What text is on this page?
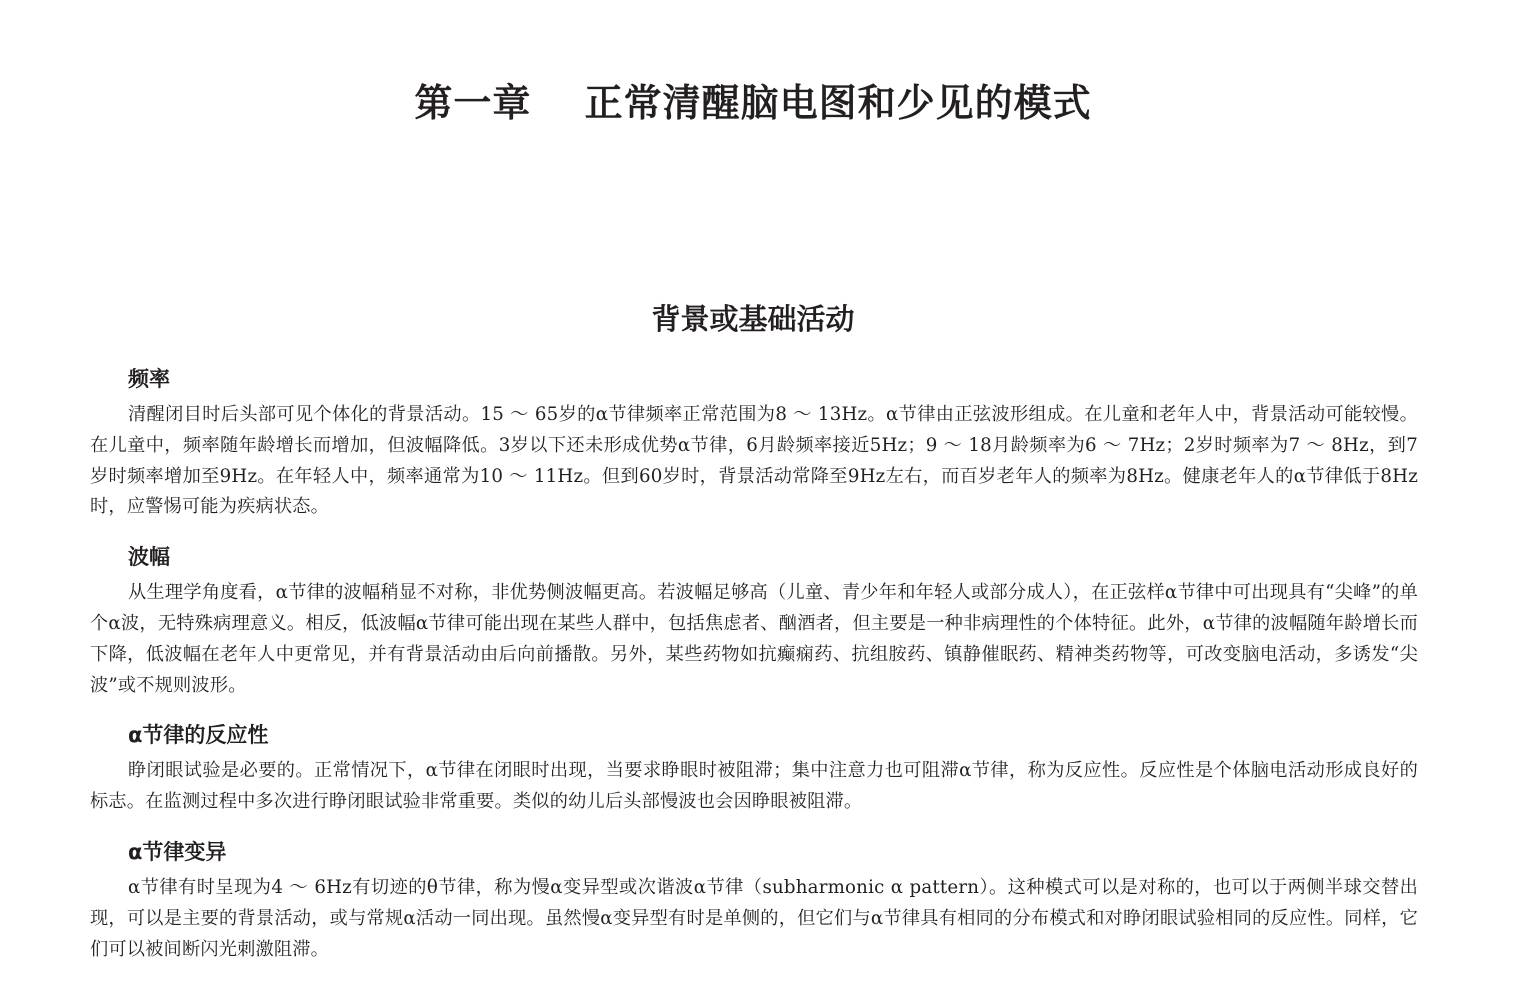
第一章　 正常清醒脑电图和少见的模式
背景或基础活动
频率

清醒闭目时后头部可见个体化的背景活动。15 ～ 65岁的α节律频率正常范围为8 ～ 13Hz。α节律由正弦波形组成。在儿童和老年人中，背景活动可能较慢。在儿童中，频率随年龄增长而增加，但波幅降低。3岁以下还未形成优势α节律，6月龄频率接近5Hz；9 ～ 18月龄频率为6 ～ 7Hz；2岁时频率为7 ～ 8Hz，到7岁时频率增加至9Hz。在年轻人中，频率通常为10 ～ 11Hz。但到60岁时，背景活动常降至9Hz左右，而百岁老年人的频率为8Hz。健康老年人的α节律低于8Hz时，应警惕可能为疾病状态。

波幅

从生理学角度看，α节律的波幅稍显不对称，非优势侧波幅更高。若波幅足够高（儿童、青少年和年轻人或部分成人），在正弦样α节律中可出现具有“尖峰”的单个α波，无特殊病理意义。相反，低波幅α节律可能出现在某些人群中，包括焦虑者、酗酒者，但主要是一种非病理性的个体特征。此外，α节律的波幅随年龄增长而下降，低波幅在老年人中更常见，并有背景活动由后向前播散。另外，某些药物如抗癫痫药、抗组胺药、镇静催眠药、精神类药物等，可改变脑电活动，多诱发“尖波”或不规则波形。

α节律的反应性

睁闭眼试验是必要的。正常情况下，α节律在闭眼时出现，当要求睁眼时被阻滞；集中注意力也可阻滞α节律，称为反应性。反应性是个体脑电活动形成良好的标志。在监测过程中多次进行睁闭眼试验非常重要。类似的幼儿后头部慢波也会因睁眼被阻滞。

α节律变异

α节律有时呈现为4 ～ 6Hz有切迹的θ节律，称为慢α变异型或次谐波α节律（subharmonic α pattern）。这种模式可以是对称的，也可以于两侧半球交替出现，可以是主要的背景活动，或与常规α活动一同出现。虽然慢α变异型有时是单侧的，但它们与α节律具有相同的分布模式和对睁闭眼试验相同的反应性。同样，它们可以被间断闪光刺激阻滞。
